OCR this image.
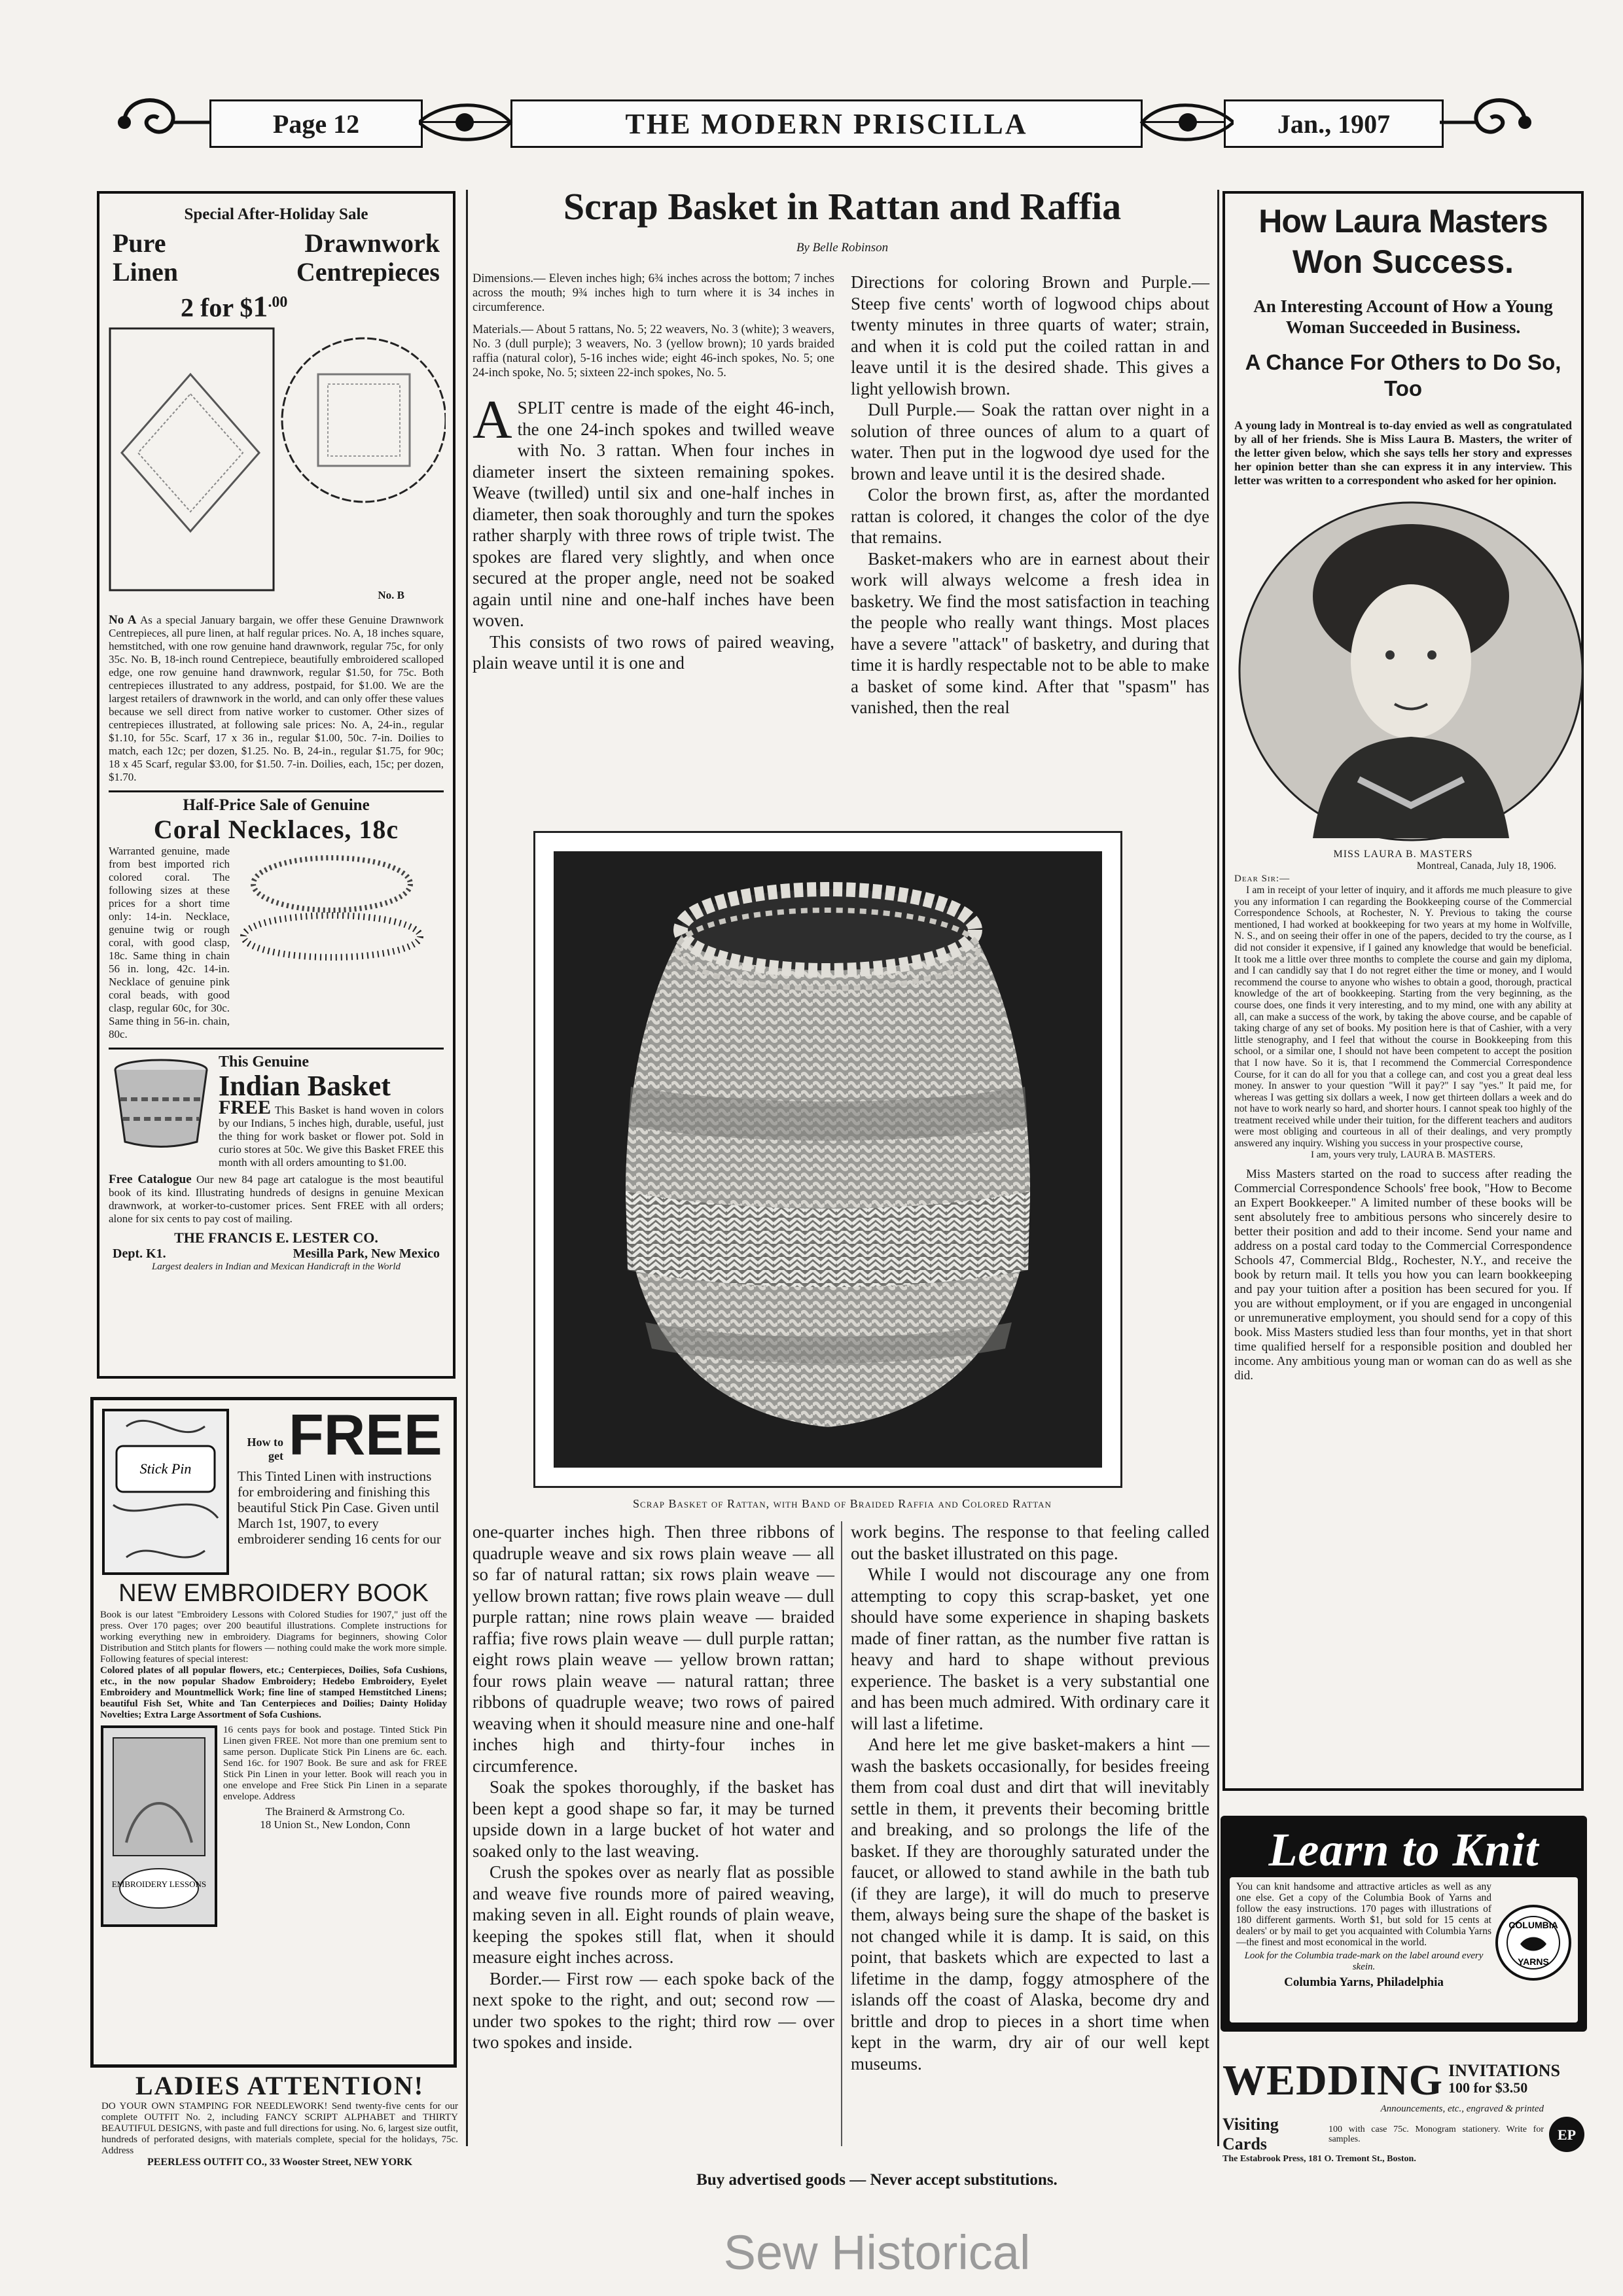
Page 12	THE MODERN PRISCILLA	Jan., 1907
Special After-Holiday Sale
Pure
Linen
Drawnwork
Centrepieces
2 for $\$1^{.00}$
No. B
No A As a special January bargain, we offer these Genuine Drawnwork Centrepieces, all pure linen, at half regular prices. No. A, 18 inches square, hemstitched, with one row genuine hand drawnwork, regular 75c, for only 35c. No. B, 18-inch round Centrepiece, beautifully embroidered scalloped edge, one row genuine hand drawnwork, regular $1.50, for 75c. Both centrepieces illustrated to any address, postpaid, for $1.00. We are the largest retailers of drawnwork in the world, and can only offer these values because we sell direct from native worker to customer. Other sizes of centrepieces illustrated, at following sale prices: No. A, 24-in., regular $1.10, for 55c. Scarf, 17 x 36 in., regular $1.00, 50c. 7-in. Doilies to match, each 12c; per dozen, $1.25. No. B, 24-in., regular $1.75, for 90c; 18 x 45 Scarf, regular $3.00, for $1.50. 7-in. Doilies, each, 15c; per dozen, $1.70.
Half-Price Sale of Genuine
Coral Necklaces, 18c
Warranted genuine, made from best imported rich colored coral. The following sizes at these prices for a short time only: 14-in. Necklace, genuine twig or rough coral, with good clasp, 18c. Same thing in chain 56 in. long, 42c. 14-in. Necklace of genuine pink coral beads, with good clasp, regular 60c, for 30c. Same thing in 56-in. chain, 80c.
This Genuine
Indian Basket
FREE This Basket is hand woven in colors by our Indians, 5 inches high, durable, useful, just the thing for work basket or flower pot. Sold in curio stores at 50c. We give this Basket FREE this month with all orders amounting to $1.00.
Free Catalogue Our new 84 page art catalogue is the most beautiful book of its kind. Illustrating hundreds of designs in genuine Mexican drawnwork, at worker-to-customer prices. Sent FREE with all orders; alone for six cents to pay cost of mailing.
THE FRANCIS E. LESTER CO.
Dept. K1.	Mesilla Park, New Mexico
Largest dealers in Indian and Mexican Handicraft in the World
Stick Pin
How to get FREE
This Tinted Linen with instructions for embroidering and finishing this beautiful Stick Pin Case. Given until March 1st, 1907, to every embroiderer sending 16 cents for our
NEW EMBROIDERY BOOK
Book is our latest "Embroidery Lessons with Colored Studies for 1907," just off the press. Over 170 pages; over 200 beautiful illustrations. Complete instructions for working everything new in embroidery. Diagrams for beginners, showing Color Distribution and Stitch plants for flowers — nothing could make the work more simple. Following features of special interest:
Colored plates of all popular flowers, etc.; Centerpieces, Doilies, Sofa Cushions, etc., in the now popular Shadow Embroidery; Hedebo Embroidery, Eyelet Embroidery and Mountmellick Work; fine line of stamped Hemstitched Linens; beautiful Fish Set, White and Tan Centerpieces and Doilies; Dainty Holiday Novelties; Extra Large Assortment of Sofa Cushions.
EMBROIDERY LESSONS
16 cents pays for book and postage. Tinted Stick Pin Linen given FREE. Not more than one premium sent to same person. Duplicate Stick Pin Linens are 6c. each. Send 16c. for 1907 Book. Be sure and ask for FREE Stick Pin Linen in your letter. Book will reach you in one envelope and Free Stick Pin Linen in a separate envelope. Address
The Brainerd & Armstrong Co.
18 Union St., New London, Conn
LADIES ATTENTION!
DO YOUR OWN STAMPING FOR NEEDLEWORK! Send twenty-five cents for our complete OUTFIT No. 2, including FANCY SCRIPT ALPHABET and THIRTY BEAUTIFUL DESIGNS, with paste and full directions for using. No. 6, largest size outfit, hundreds of perforated designs, with materials complete, special for the holidays, 75c. Address
PEERLESS OUTFIT CO., 33 Wooster Street, NEW YORK
Scrap Basket in Rattan and Raffia
By Belle Robinson

Dimensions.— Eleven inches high; 6¾ inches across the bottom; 7 inches across the mouth; 9¾ inches high to turn where it is 34 inches in circumference.

Materials.— About 5 rattans, No. 5; 22 weavers, No. 3 (white); 3 weavers, No. 3 (dull purple); 3 weavers, No. 3 (yellow brown); 10 yards braided raffia (natural color), 5-16 inches wide; eight 46-inch spokes, No. 5; one 24-inch spoke, No. 5; sixteen 22-inch spokes, No. 5.

A SPLIT centre is made of the eight 46-inch, the one 24-inch spokes and twilled weave with No. 3 rattan. When four inches in diameter insert the sixteen remaining spokes. Weave (twilled) until six and one-half inches in diameter, then soak thoroughly and turn the spokes rather sharply with three rows of triple twist. The spokes are flared very slightly, and when once secured at the proper angle, need not be soaked again until nine and one-half inches have been woven.

This consists of two rows of paired weaving, plain weave until it is one and

Directions for coloring Brown and Purple.— Steep five cents' worth of logwood chips about twenty minutes in three quarts of water; strain, and when it is cold put the coiled rattan in and leave until it is the desired shade. This gives a light yellowish brown.

Dull Purple.— Soak the rattan over night in a solution of three ounces of alum to a quart of water. Then put in the logwood dye used for the brown and leave until it is the desired shade.

Color the brown first, as, after the mordanted rattan is colored, it changes the color of the dye that remains.

Basket-makers who are in earnest about their work will always welcome a fresh idea in basketry. We find the most satisfaction in teaching the people who really want things. Most places have a severe "attack" of basketry, and during that time it is hardly respectable not to be able to make a basket of some kind. After that "spasm" has vanished, then the real

Scrap Basket of Rattan, with Band of Braided Raffia and Colored Rattan

one-quarter inches high. Then three ribbons of quadruple weave and six rows plain weave — all so far of natural rattan; six rows plain weave — yellow brown rattan; five rows plain weave — dull purple rattan; nine rows plain weave — braided raffia; five rows plain weave — dull purple rattan; eight rows plain weave — yellow brown rattan; four rows plain weave — natural rattan; three ribbons of quadruple weave; two rows of paired weaving when it should measure nine and one-half inches high and thirty-four inches in circumference.

Soak the spokes thoroughly, if the basket has been kept a good shape so far, it may be turned upside down in a large bucket of hot water and soaked only to the last weaving.

Crush the spokes over as nearly flat as possible and weave five rounds more of paired weaving, making seven in all. Eight rounds of plain weave, keeping the spokes still flat, when it should measure eight inches across.

Border.— First row — each spoke back of the next spoke to the right, and out; second row — under two spokes to the right; third row — over two spokes and inside.

work begins. The response to that feeling called out the basket illustrated on this page.

While I would not discourage any one from attempting to copy this scrap-basket, yet one should have some experience in shaping baskets made of finer rattan, as the number five rattan is heavy and hard to shape without previous experience. The basket is a very substantial one and has been much admired. With ordinary care it will last a lifetime.

And here let me give basket-makers a hint — wash the baskets occasionally, for besides freeing them from coal dust and dirt that will inevitably settle in them, it prevents their becoming brittle and breaking, and so prolongs the life of the basket. If they are thoroughly saturated under the faucet, or allowed to stand awhile in the bath tub (if they are large), it will do much to preserve them, always being sure the shape of the basket is not changed while it is damp. It is said, on this point, that baskets which are expected to last a lifetime in the damp, foggy atmosphere of the islands off the coast of Alaska, become dry and brittle and drop to pieces in a short time when kept in the warm, dry air of our well kept museums.

How Laura Masters
Won Success.
An Interesting Account of How a Young Woman Succeeded in Business.
A Chance For Others to Do So, Too
A young lady in Montreal is to-day envied as well as congratulated by all of her friends. She is Miss Laura B. Masters, the writer of the letter given below, which she says tells her story and expresses her opinion better than she can express it in any interview. This letter was written to a correspondent who asked for her opinion.
MISS LAURA B. MASTERS
Montreal, Canada, July 18, 1906.
Dear Sir:—
I am in receipt of your letter of inquiry, and it affords me much pleasure to give you any information I can regarding the Bookkeeping course of the Commercial Correspondence Schools, at Rochester, N. Y. Previous to taking the course mentioned, I had worked at bookkeeping for two years at my home in Wolfville, N. S., and on seeing their offer in one of the papers, decided to try the course, as I did not consider it expensive, if I gained any knowledge that would be beneficial. It took me a little over three months to complete the course and gain my diploma, and I can candidly say that I do not regret either the time or money, and I would recommend the course to anyone who wishes to obtain a good, thorough, practical knowledge of the art of bookkeeping. Starting from the very beginning, as the course does, one finds it very interesting, and to my mind, one with any ability at all, can make a success of the work, by taking the above course, and be capable of taking charge of any set of books. My position here is that of Cashier, with a very little stenography, and I feel that without the course in Bookkeeping from this school, or a similar one, I should not have been competent to accept the position that I now have. So it is, that I recommend the Commercial Correspondence Course, for it can do all for you that a college can, and cost you a great deal less money. In answer to your question "Will it pay?" I say "yes." It paid me, for whereas I was getting six dollars a week, I now get thirteen dollars a week and do not have to work nearly so hard, and shorter hours. I cannot speak too highly of the treatment received while under their tuition, for the different teachers and auditors were most obliging and courteous in all of their dealings, and very promptly answered any inquiry. Wishing you success in your prospective course,
I am, yours very truly, LAURA B. MASTERS.
Miss Masters started on the road to success after reading the Commercial Correspondence Schools' free book, "How to Become an Expert Bookkeeper." A limited number of these books will be sent absolutely free to ambitious persons who sincerely desire to better their position and add to their income. Send your name and address on a postal card today to the Commercial Correspondence Schools 47, Commercial Bldg., Rochester, N.Y., and receive the book by return mail. It tells you how you can learn bookkeeping and pay your tuition after a position has been secured for you. If you are without employment, or if you are engaged in uncongenial or unremunerative employment, you should send for a copy of this book. Miss Masters studied less than four months, yet in that short time qualified herself for a responsible position and doubled her income. Any ambitious young man or woman can do as well as she did.
Learn to Knit
You can knit handsome and attractive articles as well as any one else. Get a copy of the Columbia Book of Yarns and follow the easy instructions. 170 pages with illustrations of 180 different garments. Worth $1, but sold for 15 cents at dealers' or by mail to get you acquainted with Columbia Yarns—the finest and most economical in the world.
Look for the Columbia trade-mark on the label around every skein.
Columbia Yarns, Philadelphia
COLUMBIA
YARNS
WEDDING INVITATIONS
100 for $3.50
Announcements, etc., engraved & printed
Visiting Cards
100 with case 75c. Monogram stationery. Write for samples.
The Estabrook Press, 181 O. Tremont St., Boston.
EP
Buy advertised goods — Never accept substitutions.
Sew Historical
